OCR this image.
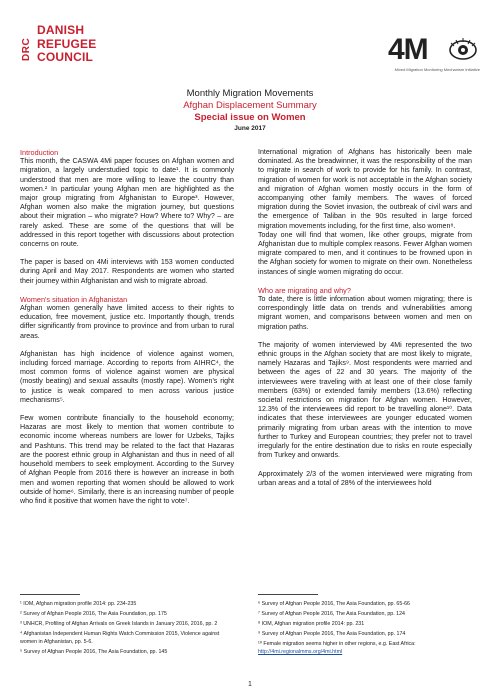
DRC
DANISH
REFUGEE
COUNCIL	4M
Mixed Migration Monitoring Mechanism Initiative
Monthly Migration Movements
Afghan Displacement Summary
Special issue on Women
June 2017
Introduction

This month, the CASWA 4Mi paper focuses on Afghan women and migration, a largely understudied topic to date¹. It is commonly understood that men are more willing to leave the country than women.² In particular young Afghan men are highlighted as the major group migrating from Afghanistan to Europe³. However, Afghan women also make the migration journey, but questions about their migration – who migrate? How? Where to? Why? – are rarely asked. These are some of the questions that will be addressed in this report together with discussions about protection concerns on route.

The paper is based on 4Mi interviews with 153 women conducted during April and May 2017. Respondents are women who started their journey within Afghanistan and wish to migrate abroad.

Women's situation in Afghanistan

Afghan women generally have limited access to their rights to education, free movement, justice etc. Importantly though, trends differ significantly from province to province and from urban to rural areas.

Afghanistan has high incidence of violence against women, including forced marriage. According to reports from AIHRC⁴, the most common forms of violence against women are physical (mostly beating) and sexual assaults (mostly rape). Women's right to justice is weak compared to men across various justice mechanisms⁵.

Few women contribute financially to the household economy; Hazaras are most likely to mention that women contribute to economic income whereas numbers are lower for Uzbeks, Tajiks and Pashtuns. This trend may be related to the fact that Hazaras are the poorest ethnic group in Afghanistan and thus in need of all household members to seek employment. According to the Survey of Afghan People from 2016 there is however an increase in both men and women reporting that women should be allowed to work outside of home⁶. Similarly, there is an increasing number of people who find it positive that women have the right to vote⁷.

International migration of Afghans has historically been male dominated. As the breadwinner, it was the responsibility of the man to migrate in search of work to provide for his family. In contrast, migration of women for work is not acceptable in the Afghan society and migration of Afghan women mostly occurs in the form of accompanying other family members. The waves of forced migration during the Soviet invasion, the outbreak of civil wars and the emergence of Taliban in the 90s resulted in large forced migration movements including, for the first time, also women⁸.

Today one will find that women, like other groups, migrate from Afghanistan due to multiple complex reasons. Fewer Afghan women migrate compared to men, and it continues to be frowned upon in the Afghan society for women to migrate on their own. Nonetheless instances of single women migrating do occur.

Who are migrating and why?

To date, there is little information about women migrating; there is correspondingly little data on trends and vulnerabilities among migrant women, and comparisons between women and men on migration paths.

The majority of women interviewed by 4Mi represented the two ethnic groups in the Afghan society that are most likely to migrate, namely Hazaras and Tajiks⁹. Most respondents were married and between the ages of 22 and 30 years. The majority of the interviewees were traveling with at least one of their close family members (63%) or extended family members (13.6%) reflecting societal restrictions on migration for Afghan women. However, 12.3% of the interviewees did report to be travelling alone¹⁰. Data indicates that these interviewees are younger educated women primarily migrating from urban areas with the intention to move further to Turkey and European countries; they prefer not to travel irregularly for the entire destination due to risks en route especially from Turkey and onwards.

Approximately 2/3 of the women interviewed were migrating from urban areas and a total of 28% of the interviewees hold

¹ IOM, Afghan migration profile 2014: pp. 234-235
² Survey of Afghan People 2016, The Asia Foundation, pp. 175
³ UNHCR, Profiling of Afghan Arrivals on Greek Islands in January 2016, 2016, pp. 2
⁴ Afghanistan Independent Human Rights Watch Commission 2015, Violence against women in Afghanistan, pp. 5-6.
⁵ Survey of Afghan People 2016, The Asia Foundation, pp. 145
⁶ Survey of Afghan People 2016, The Asia Foundation, pp. 65-66
⁷ Survey of Afghan People 2016, The Asia Foundation, pp. 124
⁸ IOM, Afghan migration profile 2014: pp. 231
⁹ Survey of Afghan People 2016, The Asia Foundation, pp. 174
¹⁰ Female migration seems higher in other regions, e.g. East Africa:
http://4mi.regionalmms.org/4mi.html
1
